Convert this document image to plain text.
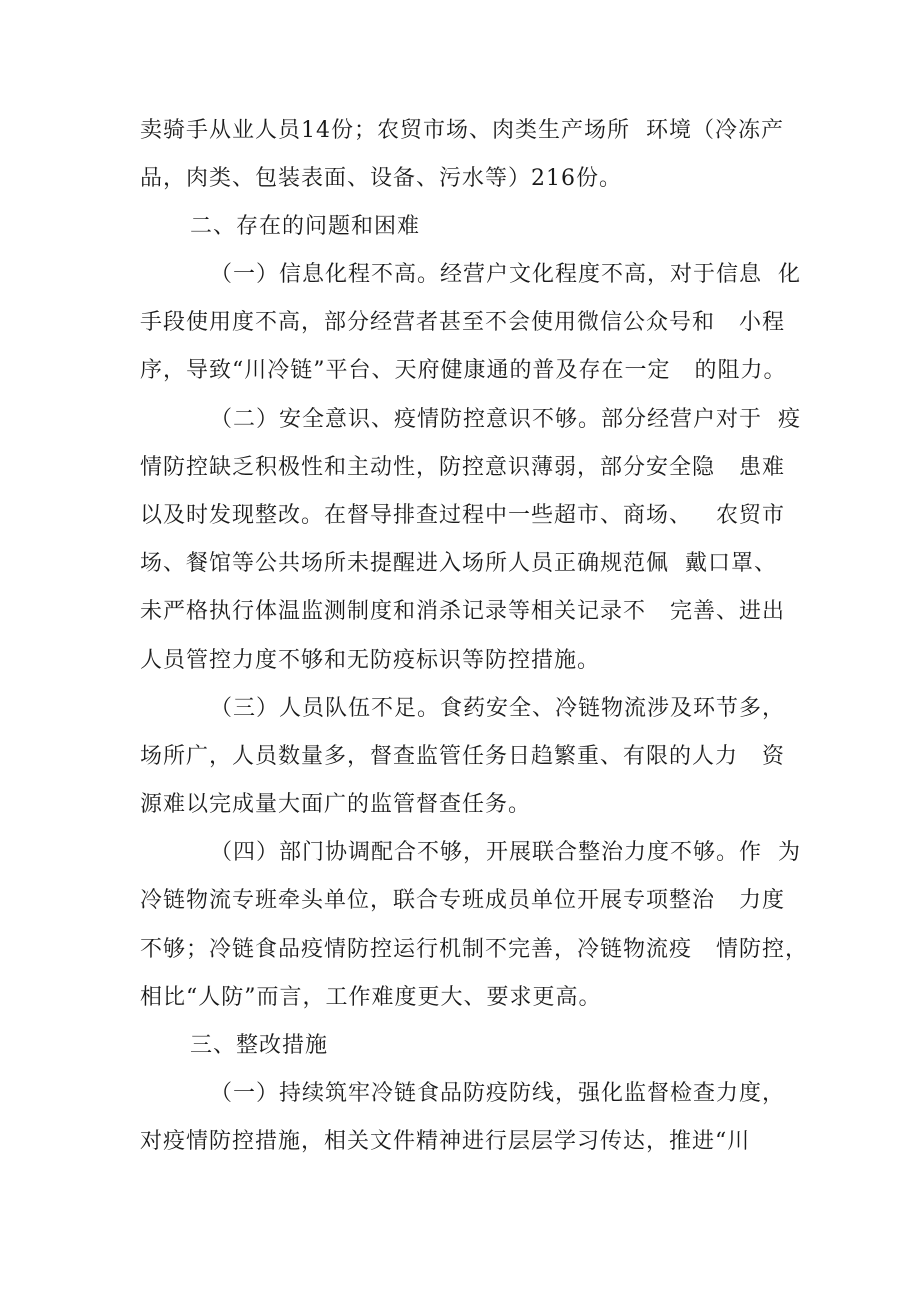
卖骑手从业人员14份；农贸市场、肉类生产场所  环境（冷冻产
品，肉类、包装表面、设备、污水等）216份。
二、存在的问题和困难
（一）信息化程不高。经营户文化程度不高，对于信息  化
手段使用度不高，部分经营者甚至不会使用微信公众号和   小程
序，导致“川冷链”平台、天府健康通的普及存在一定   的阻力。
（二）安全意识、疫情防控意识不够。部分经营户对于  疫
情防控缺乏积极性和主动性，防控意识薄弱，部分安全隐   患难
以及时发现整改。在督导排查过程中一些超市、商场、   农贸市
场、餐馆等公共场所未提醒进入场所人员正确规范佩  戴口罩、
未严格执行体温监测制度和消杀记录等相关记录不   完善、进出
人员管控力度不够和无防疫标识等防控措施。
（三）人员队伍不足。食药安全、冷链物流涉及环节多，
场所广，人员数量多，督查监管任务日趋繁重、有限的人力   资
源难以完成量大面广的监管督查任务。
（四）部门协调配合不够，开展联合整治力度不够。作  为
冷链物流专班牵头单位，联合专班成员单位开展专项整治   力度
不够；冷链食品疫情防控运行机制不完善，冷链物流疫   情防控，
相比“人防”而言，工作难度更大、要求更高。
三、整改措施
（一）持续筑牢冷链食品防疫防线，强化监督检查力度，
对疫情防控措施，相关文件精神进行层层学习传达，推进“川
